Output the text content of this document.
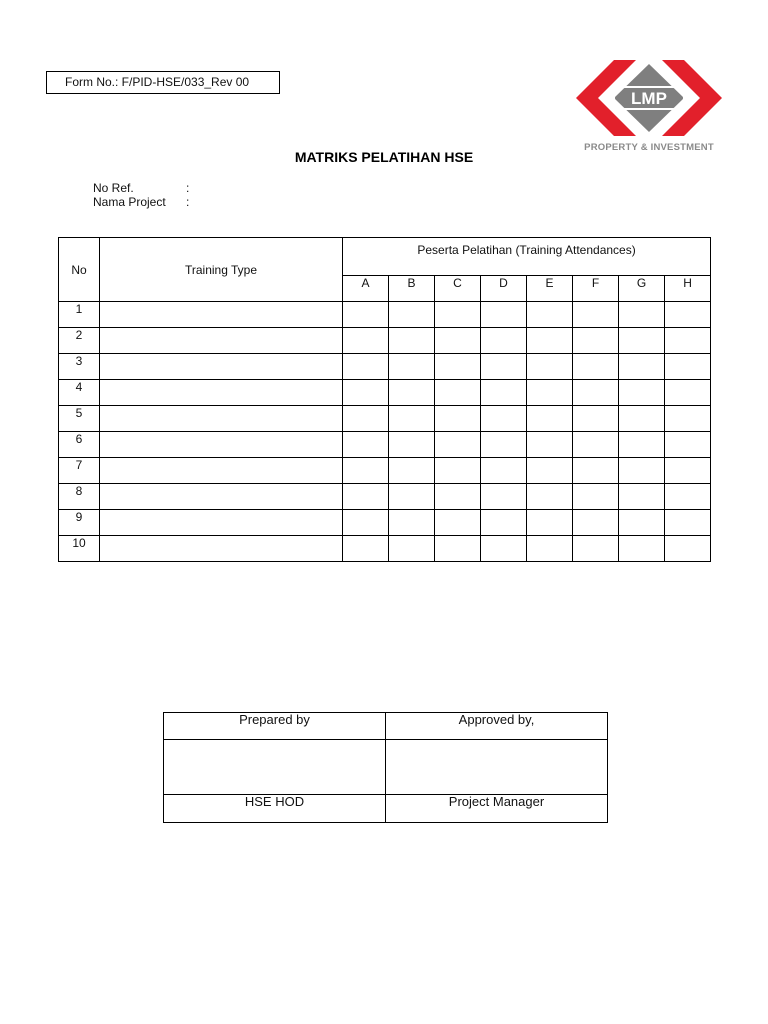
Form No.: F/PID-HSE/033_Rev 00
LMP
PROPERTY & INVESTMENT
MATRIKS PELATIHAN HSE
No Ref.	:
Nama Project	:
No	Training Type	Peserta Pelatihan (Training Attendances)							
		A	B	C	D	E	F	G	H
1									
2									
3									
4									
5									
6									
7									
8									
9									
10									
Prepared by	Approved by,

HSE HOD	Project Manager
